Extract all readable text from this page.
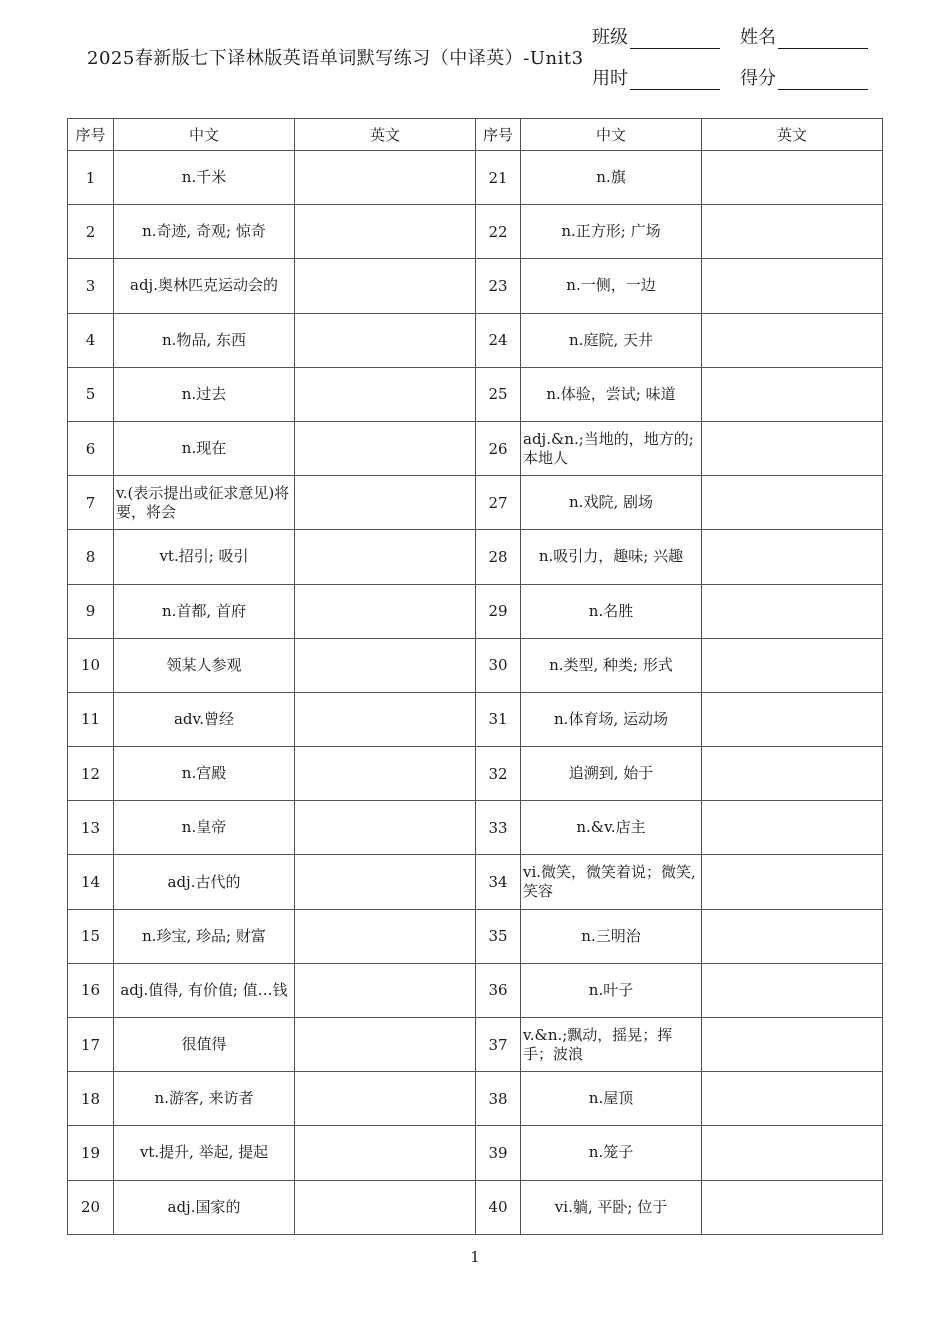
2025春新版七下译林版英语单词默写练习（中译英）-Unit3
班级	姓名
用时	得分
序号	中文	英文	序号	中文	英文
1	n.千米		21	n.旗	
2	n.奇迹, 奇观; 惊奇		22	n.正方形; 广场	
3	adj.奥林匹克运动会的		23	n.一侧，一边	
4	n.物品, 东西		24	n.庭院, 天井	
5	n.过去		25	n.体验，尝试; 味道	
6	n.现在		26	adj.&n.;当地的，地方的; 本地人	
7	v.(表示提出或征求意见)将要，将会		27	n.戏院, 剧场	
8	vt.招引; 吸引		28	n.吸引力，趣味; 兴趣	
9	n.首都, 首府		29	n.名胜	
10	领某人参观		30	n.类型, 种类; 形式	
11	adv.曾经		31	n.体育场, 运动场	
12	n.宫殿		32	追溯到, 始于	
13	n.皇帝		33	n.&v.店主	
14	adj.古代的		34	vi.微笑，微笑着说；微笑, 笑容	
15	n.珍宝, 珍品; 财富		35	n.三明治	
16	adj.值得, 有价值; 值…钱		36	n.叶子	
17	很值得		37	v.&n.;飘动，摇晃；挥手；波浪	
18	n.游客, 来访者		38	n.屋顶	
19	vt.提升, 举起, 提起		39	n.笼子	
20	adj.国家的		40	vi.躺, 平卧; 位于	
1
